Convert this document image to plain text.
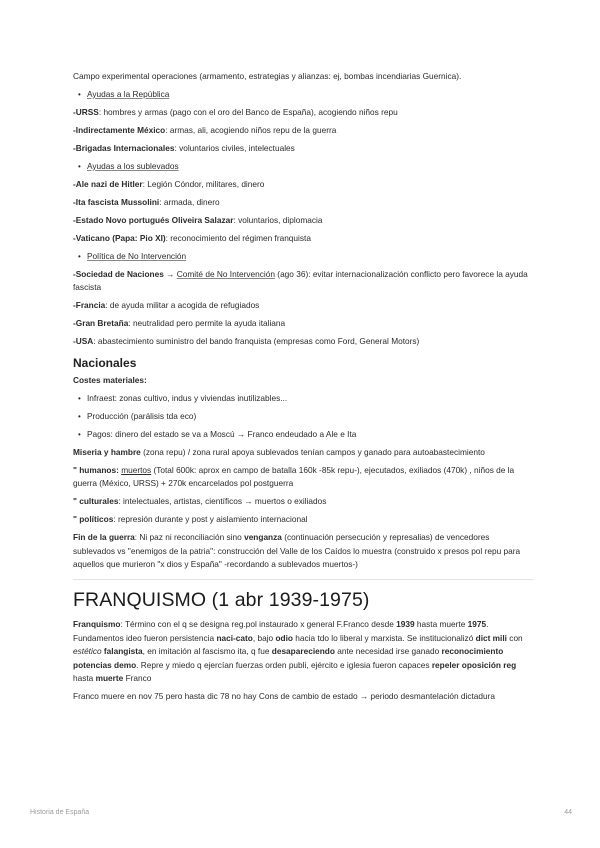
Campo experimental operaciones (armamento, estrategias y alianzas: ej, bombas incendiarias Guernica).

• Ayudas a la República

-URSS: hombres y armas (pago con el oro del Banco de España), acogiendo niños repu

-Indirectamente México: armas, ali, acogiendo niños repu de la guerra

-Brigadas Internacionales: voluntarios civiles, intelectuales

• Ayudas a los sublevados

-Ale nazi de Hitler: Legión Cóndor, militares, dinero

-Ita fascista Mussolini: armada, dinero

-Estado Novo portugués Oliveira Salazar: voluntarios, diplomacia

-Vaticano (Papa: Pio XI): reconocimiento del régimen franquista

• Política de No Intervención

-Sociedad de Naciones → Comité de No Intervención (ago 36): evitar internacionalización conflicto pero favorece la ayuda fascista

-Francia: de ayuda militar a acogida de refugiados

-Gran Bretaña: neutralidad pero permite la ayuda italiana

-USA: abastecimiento suministro del bando franquista (empresas como Ford, General Motors)

Nacionales

Costes materiales:

• Infraest: zonas cultivo, indus y viviendas inutilizables...
• Producción (parálisis tda eco)
• Pagos: dinero del estado se va a Moscú → Franco endeudado a Ale e Ita

Miseria y hambre (zona repu) / zona rural apoya sublevados tenían campos y ganado para autoabastecimiento

" humanos: muertos (Total 600k: aprox en campo de batalla 160k -85k repu-), ejecutados, exiliados (470k) , niños de la guerra (México, URSS) + 270k encarcelados pol postguerra

" culturales: intelectuales, artistas, científicos → muertos o exiliados

" políticos: represión durante y post y aislamiento internacional

Fin de la guerra: Ni paz ni reconciliación sino venganza (continuación persecución y represalias) de vencedores sublevados vs "enemigos de la patria": construcción del Valle de los Caídos lo muestra (construido x presos pol repu para aquellos que murieron "x dios y España" -recordando a sublevados muertos-)

FRANQUISMO (1 abr 1939-1975)

Franquismo: Término con el q se designa reg.pol instaurado x general F.Franco desde 1939 hasta muerte 1975. Fundamentos ideo fueron persistencia naci-cato, bajo odio hacia tdo lo liberal y marxista. Se institucionalizó dict mili con estético falangista, en imitación al fascismo ita, q fue desapareciendo ante necesidad irse ganado reconocimiento potencias demo. Repre y miedo q ejercían fuerzas orden publi, ejército e iglesia fueron capaces repeler oposición reg hasta muerte Franco

Franco muere en nov 75 pero hasta dic 78 no hay Cons de cambio de estado → periodo desmantelación dictadura

Historia de España	44
